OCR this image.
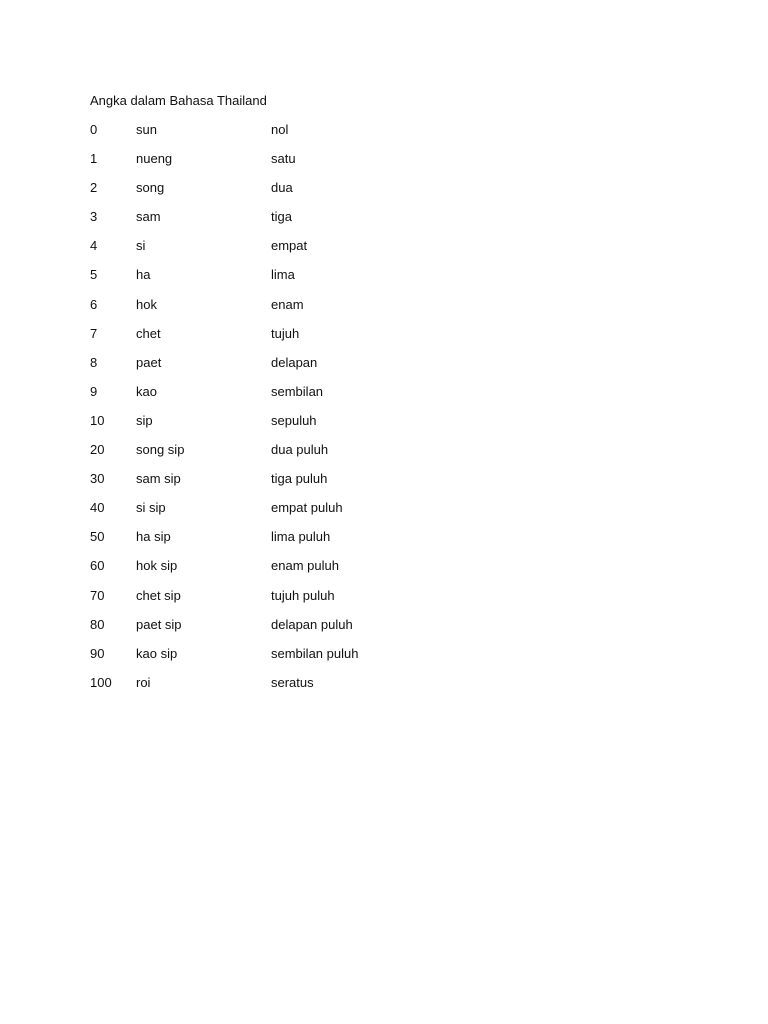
Angka dalam Bahasa Thailand
0	sun	nol
1	nueng	satu
2	song	dua
3	sam	tiga
4	si	empat
5	ha	lima
6	hok	enam
7	chet	tujuh
8	paet	delapan
9	kao	sembilan
10 sip	sepuluh
20 song sip	dua puluh
30 sam sip	tiga puluh
40 si sip	empat puluh
50 ha sip	lima puluh
60 hok sip	enam puluh
70 chet sip	tujuh puluh
80 paet sip	delapan puluh
90 kao sip	sembilan puluh
100 roi	seratus
